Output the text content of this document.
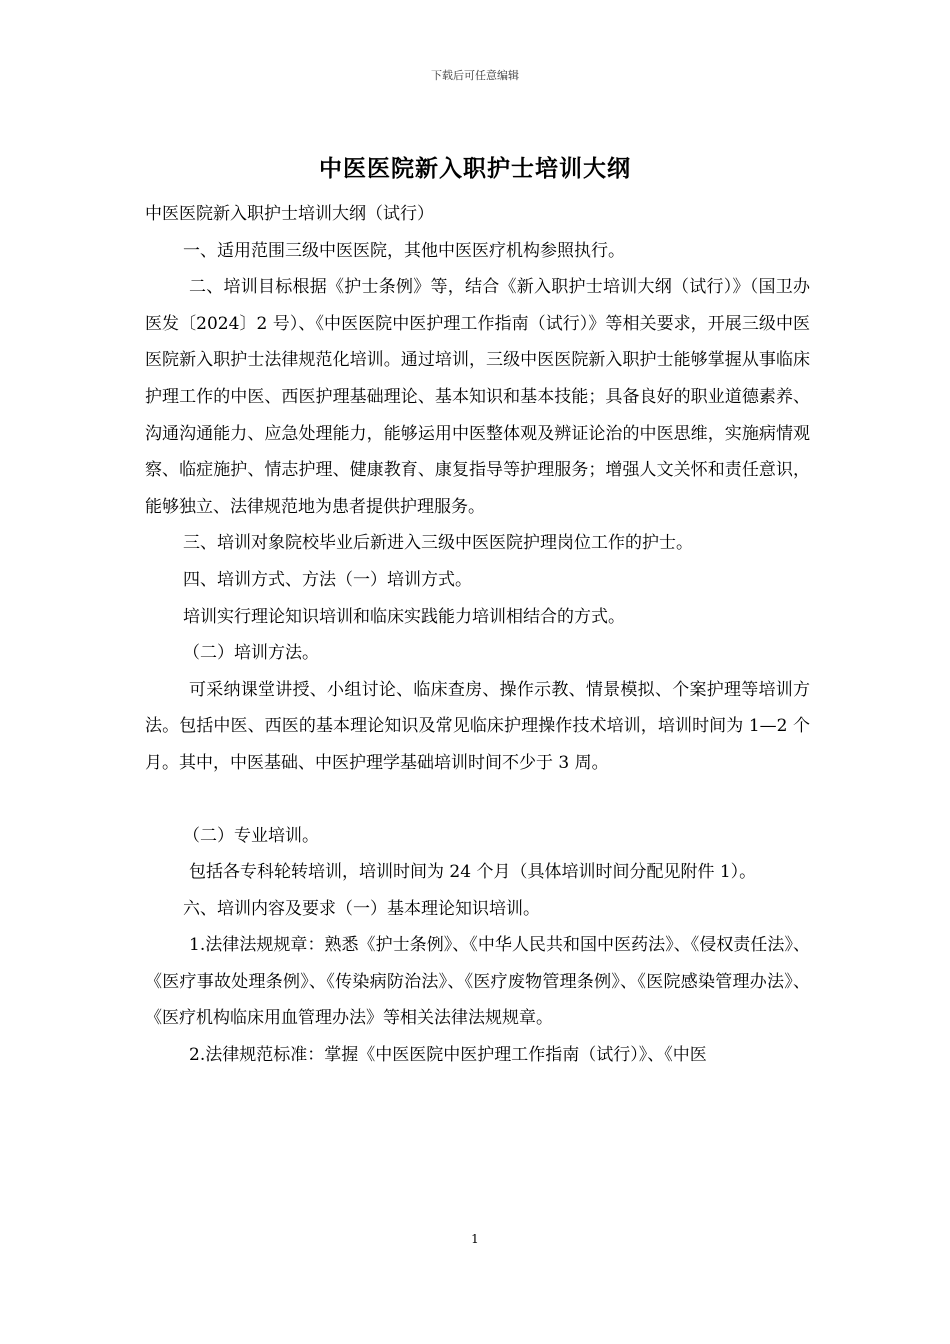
下载后可任意编辑
中医医院新入职护士培训大纲

中医医院新入职护士培训大纲（试行）

一、适用范围三级中医医院，其他中医医疗机构参照执行。

二、培训目标根据《护士条例》等，结合《新入职护士培训大纲（试行）》（国卫办医发〔2024〕2 号）、《中医医院中医护理工作指南（试行）》等相关要求，开展三级中医医院新入职护士法律规范化培训。通过培训，三级中医医院新入职护士能够掌握从事临床护理工作的中医、西医护理基础理论、基本知识和基本技能；具备良好的职业道德素养、沟通沟通能力、应急处理能力，能够运用中医整体观及辨证论治的中医思维，实施病情观察、临症施护、情志护理、健康教育、康复指导等护理服务；增强人文关怀和责任意识，能够独立、法律规范地为患者提供护理服务。

三、培训对象院校毕业后新进入三级中医医院护理岗位工作的护士。

四、培训方式、方法（一）培训方式。

培训实行理论知识培训和临床实践能力培训相结合的方式。

（二）培训方法。

可采纳课堂讲授、小组讨论、临床查房、操作示教、情景模拟、个案护理等培训方法。包括中医、西医的基本理论知识及常见临床护理操作技术培训，培训时间为 1—2 个月。其中，中医基础、中医护理学基础培训时间不少于 3 周。

（二）专业培训。

包括各专科轮转培训，培训时间为 24 个月（具体培训时间分配见附件 1）。

六、培训内容及要求（一）基本理论知识培训。

1.法律法规规章：熟悉《护士条例》、《中华人民共和国中医药法》、《侵权责任法》、《医疗事故处理条例》、《传染病防治法》、《医疗废物管理条例》、《医院感染管理办法》、《医疗机构临床用血管理办法》等相关法律法规规章。

2.法律规范标准：掌握《中医医院中医护理工作指南（试行）》、《中医

1
